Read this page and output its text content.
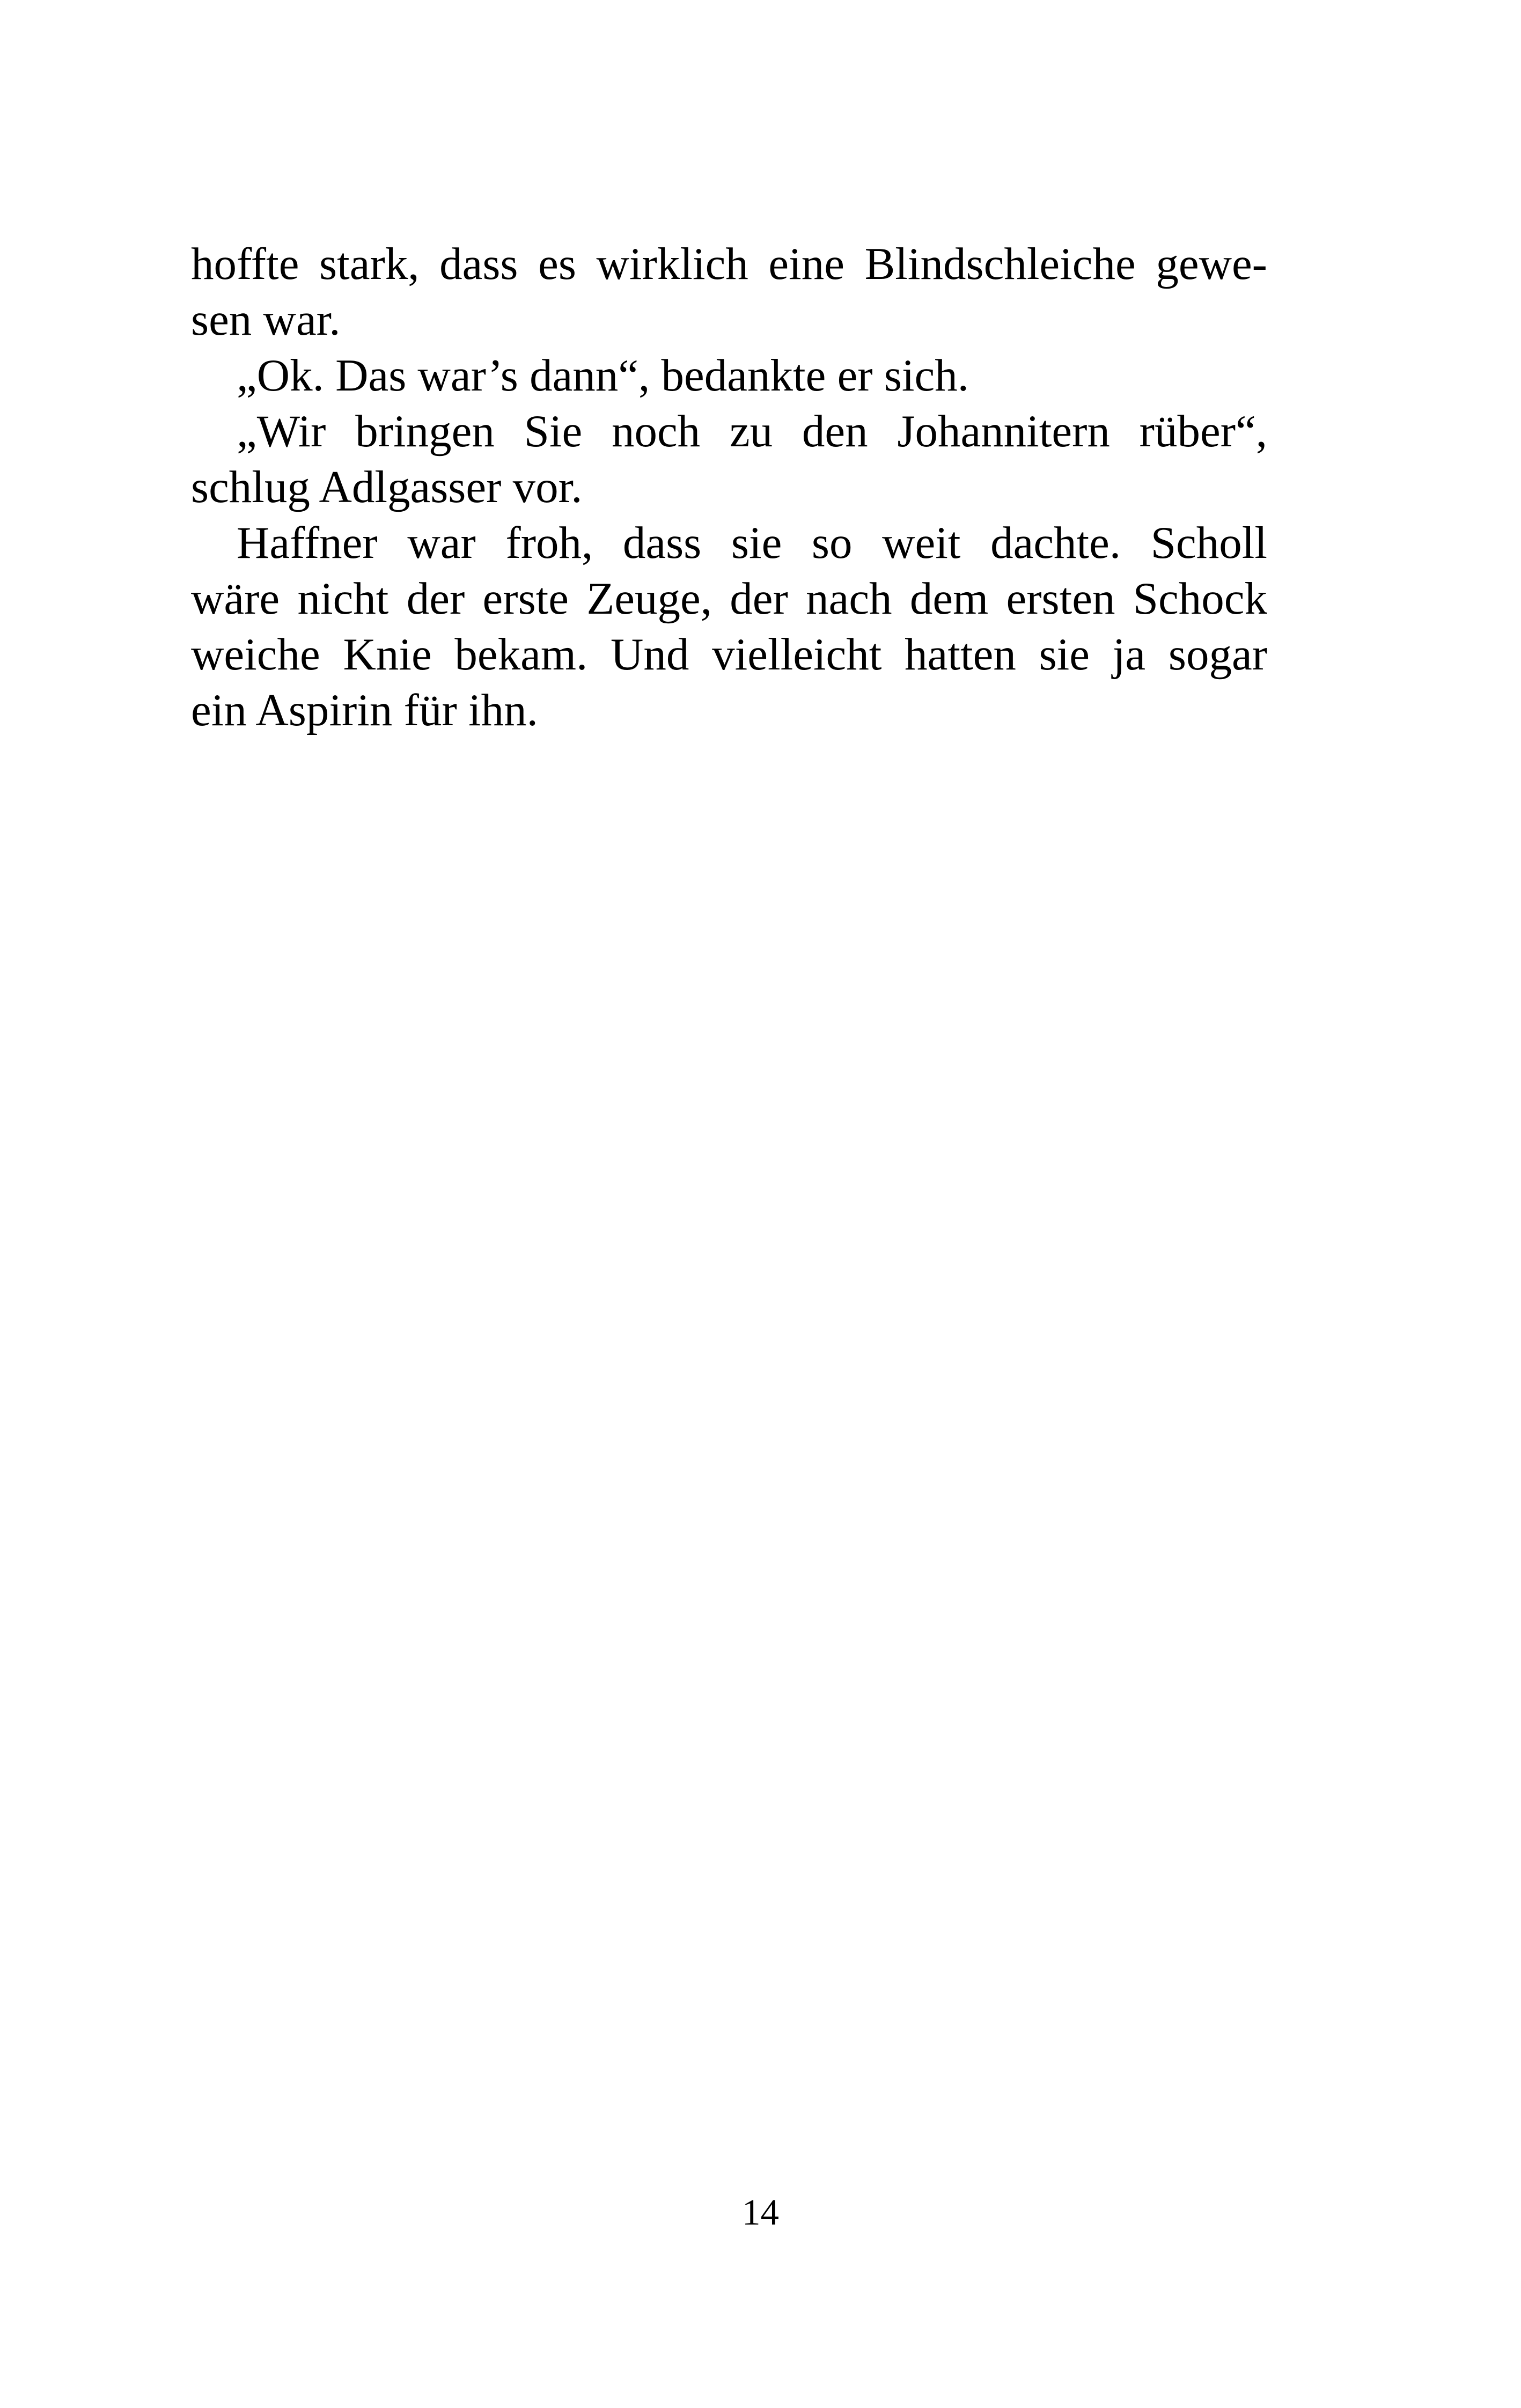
hoffte stark, dass es wirklich eine Blindschleiche gewe-
sen war.
„Ok. Das war’s dann“, bedankte er sich.
„Wir bringen Sie noch zu den Johannitern rüber“,
schlug Adlgasser vor.
Haffner war froh, dass sie so weit dachte. Scholl
wäre nicht der erste Zeuge, der nach dem ersten Schock
weiche Knie bekam. Und vielleicht hatten sie ja sogar
ein Aspirin für ihn.
14
